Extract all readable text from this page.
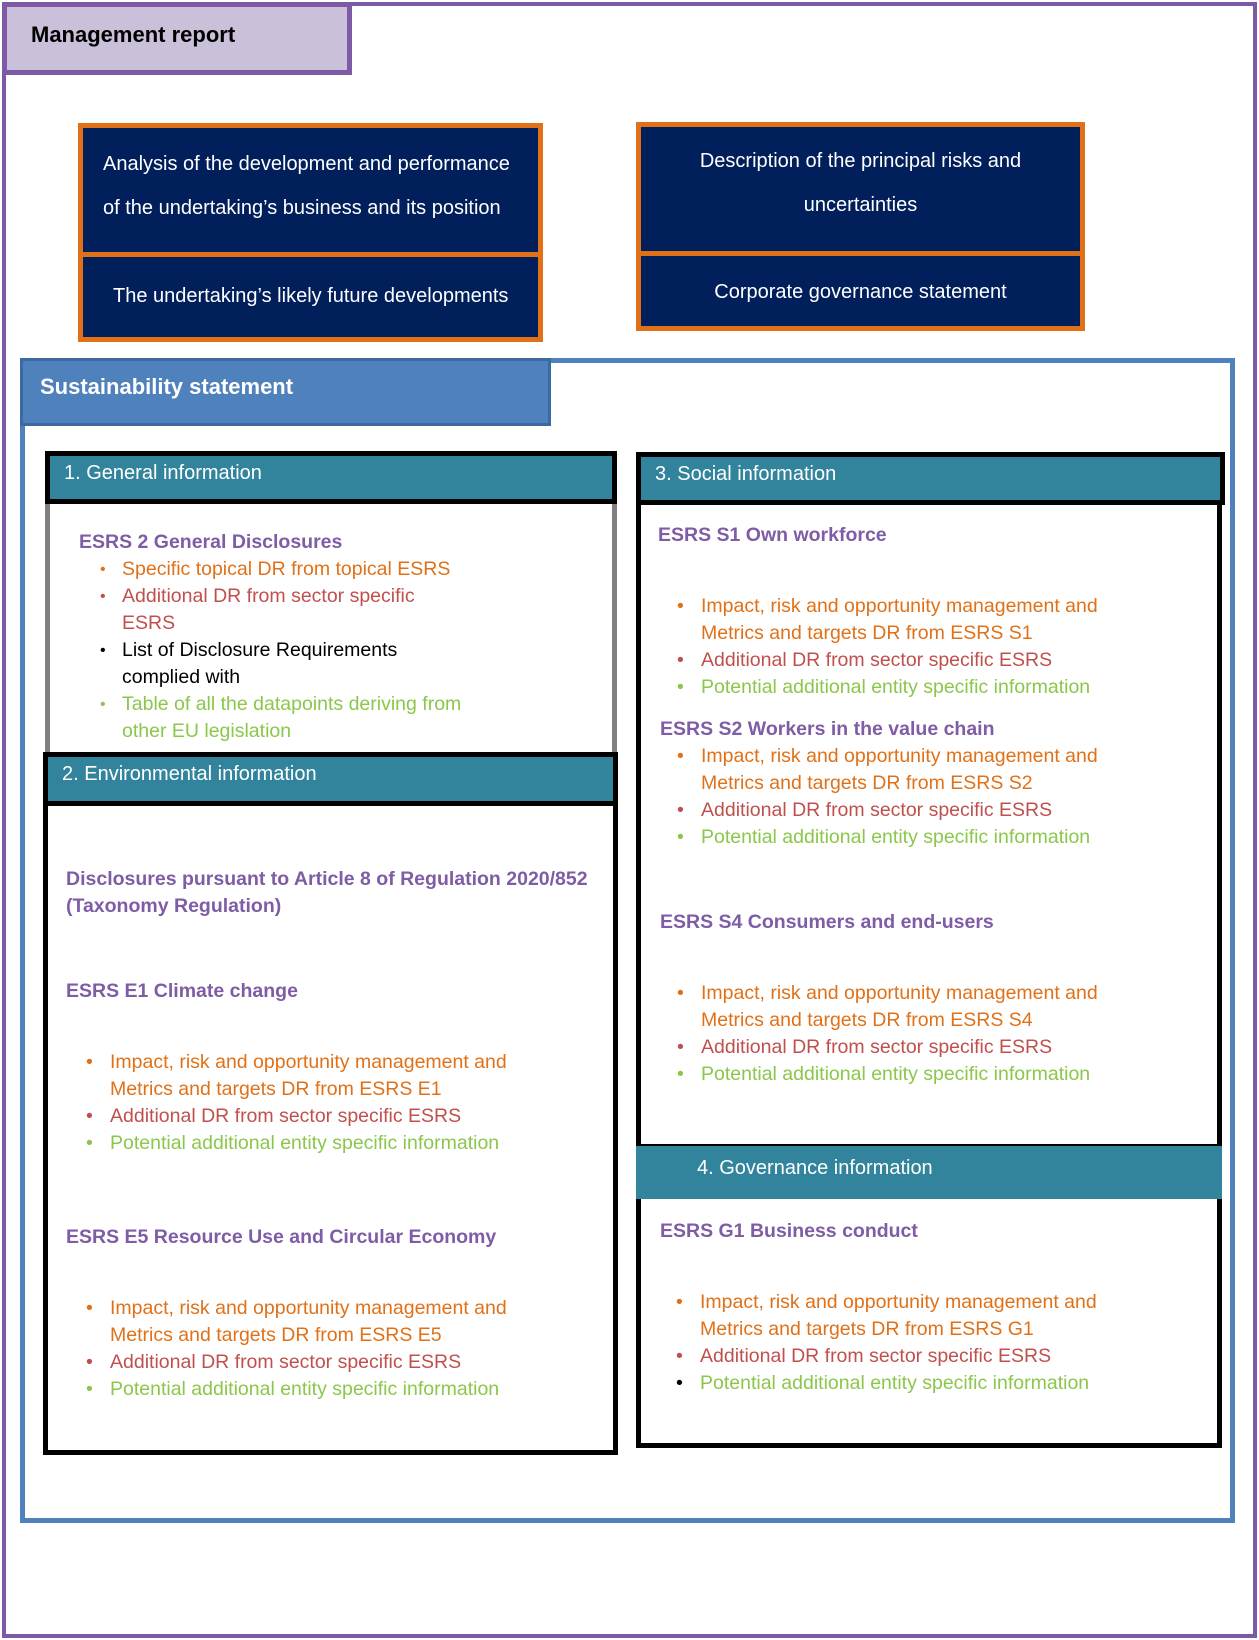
Management report
Analysis of the development and performance
of the undertaking’s business and its position
The undertaking’s likely future developments
Description of the principal risks and
uncertainties
Corporate governance statement
Sustainability statement
1. General information

ESRS 2 General Disclosures

• Specific topical DR from topical ESRS
• Additional DR from sector specific
ESRS
• List of Disclosure Requirements
complied with
• Table of all the datapoints deriving from
other EU legislation
2. Environmental information

Disclosures pursuant to Article 8 of Regulation 2020/852
(Taxonomy Regulation)

ESRS E1 Climate change

• Impact, risk and opportunity management and
Metrics and targets DR from ESRS E1
• Additional DR from sector specific ESRS
• Potential additional entity specific information

ESRS E5 Resource Use and Circular Economy

• Impact, risk and opportunity management and
Metrics and targets DR from ESRS E5
• Additional DR from sector specific ESRS
• Potential additional entity specific information
3. Social information

ESRS S1 Own workforce

• Impact, risk and opportunity management and
Metrics and targets DR from ESRS S1
• Additional DR from sector specific ESRS
• Potential additional entity specific information

ESRS S2 Workers in the value chain

• Impact, risk and opportunity management and
Metrics and targets DR from ESRS S2
• Additional DR from sector specific ESRS
• Potential additional entity specific information

ESRS S4 Consumers and end-users

• Impact, risk and opportunity management and
Metrics and targets DR from ESRS S4
• Additional DR from sector specific ESRS
• Potential additional entity specific information
4. Governance information

ESRS G1 Business conduct

• Impact, risk and opportunity management and
Metrics and targets DR from ESRS G1
• Additional DR from sector specific ESRS
• Potential additional entity specific information
